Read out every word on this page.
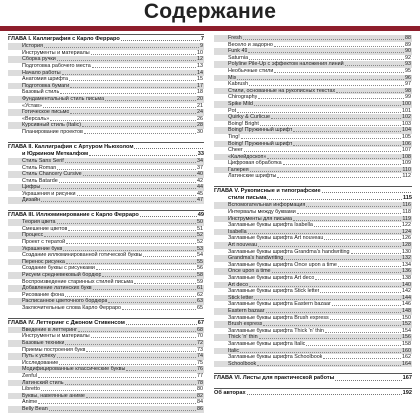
Содержание
ГЛАВА I. Каллиграфия с Карло Ферраро	7
История	9
Инструменты и материалы	10
Сборка ручки	12
Подготовка рабочего места	13
Начало работы	14
Анатомия шрифта	15
Подготовка бумаги	17
Базовый стиль	18
Фундаментальный стиль письма	20
«Устав»	21
Готическое письмо	24
«Версаль»	26
Курсивный стиль (Italic)	28
Планирование проектов	30
ГЛАВА II. Каллиграфия с Артуром Ньюхолом
и Юджином Меткалфом	33
Стиль Sans Serif	34
Стиль Roman	37
Стиль Chancery Cursive	40
Стиль Batarde	42
Цифры	44
Украшения и рисунки	45
Дизайн	47
ГЛАВА III. Иллюминирование с Карло Ферраро	49
Теория цвета	50
Смешение цветов	51
Процесс	52
Проект с тератой	52
Украшение букв	53
Создание иллюминированной готической буквы	54
Перенос рисунка	55
Создание буквы с рисунками	56
Рисуем средневековый бордюр	58
Воспроизведение старинных стилей письма	59
Добавление латинских букв	61
Рисование фона	62
Расписанное цветочного бордюра	63
Заключительные слова Карло Ферраро	65
ГЛАВА IV. Леттеринг с Джоном Стивенсом	67
Введение в леттеринг	68
Инструменты и материалы	70
Базовые техники	72
Приемы построения букв	73
Путь к успеху	74
Исследование	75
Модифицированные классические буквы	76
Zenful	77
Латинский стиль	78
Libretto	80
Буквы, навеянные аниме	82
Anime	84
Belly Bean	86
Fresh	88
Весело и задорно	89
Funk 49	90
Saturnia	92
Polyline Pile-Up с эффектом наложения линий	93
Необычные стили	95
Mix	96
Kabrush	97
Стили, основанные на рукописных текстах	98
Chirography	99
Spike Mild	100
Pot	101
Quirky & Curlicue	102
Boing! Bright	103
Boing! Пружинный шрифт	104
Ting!	105
Boing! Пружинный шрифт	106
Cheer	107
«Калейдоскоп»	108
Цифровая обработка	109
Галерея	110
Латинские шрифты	112
ГЛАВА V. Рукописные и типографские
стили письма	115
Вспомогательная информация	116
Интервалы между буквами	118
Инструменты для письма	119
Заглавные буквы шрифта Isabella	122
Isabella	124
Заглавные буквы шрифта Art nouveau	126
Art nouveau	128
Заглавные буквы шрифта Grandma's handwriting	130
Grandma's handwriting	132
Заглавные буквы шрифта Once upon a time	134
Once upon a time	136
Заглавные буквы шрифта Art deco	138
Art deco	140
Заглавные буквы шрифта Stick letter	142
Stick letter	144
Заглавные буквы шрифта Eastern bazaar	146
Eastern bazaar	148
Заглавные буквы шрифта Brush express	150
Brush express	152
Заглавные буквы шрифта Thick 'n' thin	154
Thick 'n' thin	156
Заглавные буквы шрифта Italic	158
Italic	160
Заглавные буквы шрифта Schoolbook	162
Schoolbook	164
ГЛАВА VI. Листы для практической работы	167
Об авторах	192
